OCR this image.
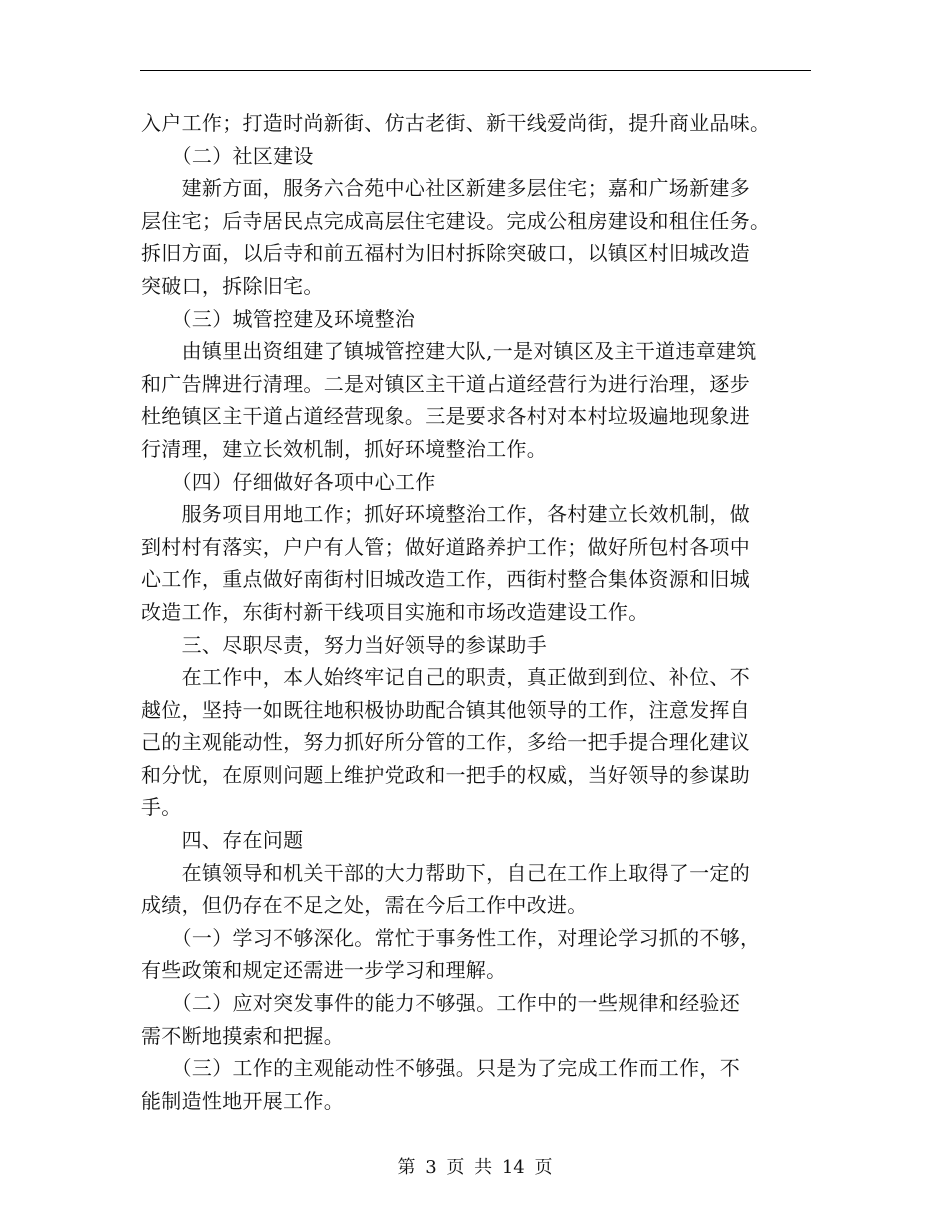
入户工作；打造时尚新街、仿古老街、新干线爱尚街，提升商业品味。

　　（二）社区建设

　　建新方面，服务六合苑中心社区新建多层住宅；嘉和广场新建多
层住宅；后寺居民点完成高层住宅建设。完成公租房建设和租住任务。
拆旧方面，以后寺和前五福村为旧村拆除突破口，以镇区村旧城改造
突破口，拆除旧宅。

　　（三）城管控建及环境整治

　　由镇里出资组建了镇城管控建大队,一是对镇区及主干道违章建筑
和广告牌进行清理。二是对镇区主干道占道经营行为进行治理，逐步
杜绝镇区主干道占道经营现象。三是要求各村对本村垃圾遍地现象进
行清理，建立长效机制，抓好环境整治工作。

　　（四）仔细做好各项中心工作

　　服务项目用地工作；抓好环境整治工作，各村建立长效机制，做
到村村有落实，户户有人管；做好道路养护工作；做好所包村各项中
心工作，重点做好南街村旧城改造工作，西街村整合集体资源和旧城
改造工作，东街村新干线项目实施和市场改造建设工作。

　　三、尽职尽责，努力当好领导的参谋助手

　　在工作中，本人始终牢记自己的职责，真正做到到位、补位、不
越位，坚持一如既往地积极协助配合镇其他领导的工作，注意发挥自
己的主观能动性，努力抓好所分管的工作，多给一把手提合理化建议
和分忧，在原则问题上维护党政和一把手的权威，当好领导的参谋助
手。

　　四、存在问题

　　在镇领导和机关干部的大力帮助下，自己在工作上取得了一定的
成绩，但仍存在不足之处，需在今后工作中改进。

　　（一）学习不够深化。常忙于事务性工作，对理论学习抓的不够，
有些政策和规定还需进一步学习和理解。

　　（二）应对突发事件的能力不够强。工作中的一些规律和经验还
需不断地摸索和把握。

　　（三）工作的主观能动性不够强。只是为了完成工作而工作，不
能制造性地开展工作。

第 3 页 共 14 页
